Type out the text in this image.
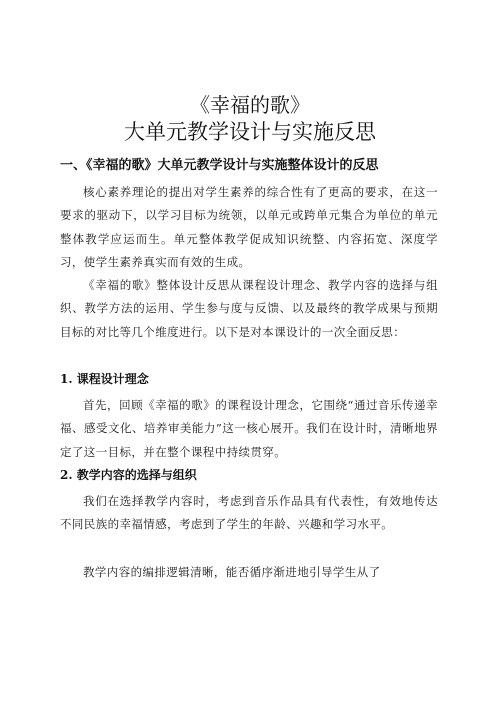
《幸福的歌》
大单元教学设计与实施反思
一、《幸福的歌》大单元教学设计与实施整体设计的反思

核心素养理论的提出对学生素养的综合性有了更高的要求，在这一要求的驱动下，以学习目标为统领，以单元或跨单元集合为单位的单元整体教学应运而生。单元整体教学促成知识统整、内容拓宽、深度学习，使学生素养真实而有效的生成。

《幸福的歌》整体设计反思从课程设计理念、教学内容的选择与组织、教学方法的运用、学生参与度与反馈、以及最终的教学成果与预期目标的对比等几个维度进行。以下是对本课设计的一次全面反思：

1. 课程设计理念

首先，回顾《幸福的歌》的课程设计理念，它围绕“通过音乐传递幸福、感受文化、培养审美能力”这一核心展开。我们在设计时，清晰地界定了这一目标，并在整个课程中持续贯穿。

2. 教学内容的选择与组织

我们在选择教学内容时，考虑到音乐作品具有代表性，有效地传达不同民族的幸福情感，考虑到了学生的年龄、兴趣和学习水平。

教学内容的编排逻辑清晰，能否循序渐进地引导学生从了
